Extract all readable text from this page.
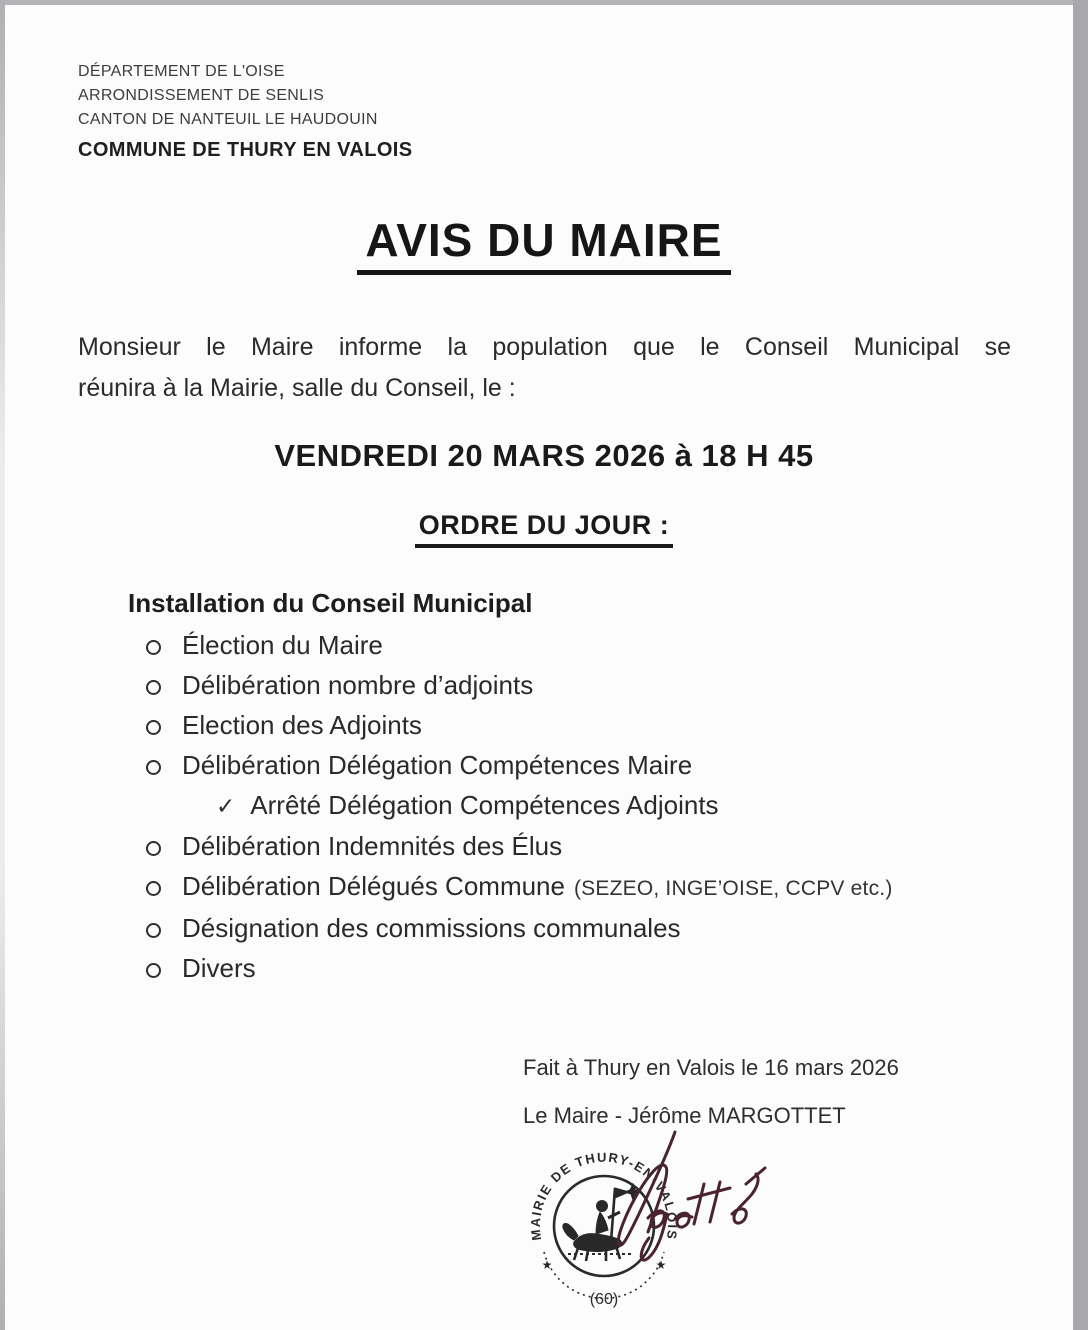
DÉPARTEMENT DE L'OISE
ARRONDISSEMENT DE SENLIS
CANTON DE NANTEUIL LE HAUDOUIN
COMMUNE DE THURY EN VALOIS
AVIS DU MAIRE

Monsieur le Maire informe la population que le Conseil Municipal se
réunira à la Mairie, salle du Conseil, le :

VENDREDI 20 MARS 2026 à 18 H 45
ORDRE DU JOUR :
Installation du Conseil Municipal
Élection du Maire
Délibération nombre d’adjoints
Election des Adjoints
Délibération Délégation Compétences Maire
✓ Arrêté Délégation Compétences Adjoints
Délibération Indemnités des Élus
Délibération Délégués Commune (SEZEO, INGE’OISE, CCPV etc.)
Désignation des commissions communales
Divers
Fait à Thury en Valois le 16 mars 2026
Le Maire - Jérôme MARGOTTET
MAIRIE DE THURY-EN-VALOIS
★	★
(60)
